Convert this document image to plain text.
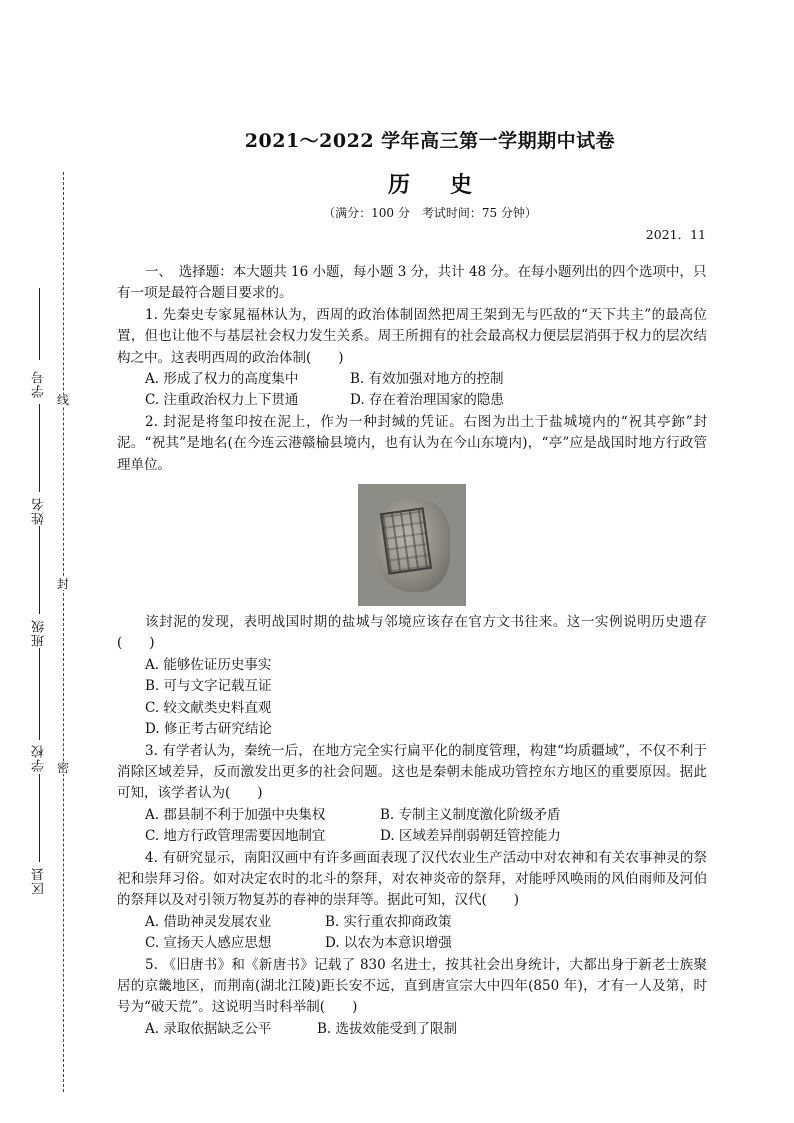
线
封
密
学号
姓名
班级
学校
区县
2021～2022 学年高三第一学期期中试卷
历史
（满分：100 分　考试时间：75 分钟）
2021．11

一、　选择题：本大题共 16 小题，每小题 3 分，共计 48 分。在每小题列出的四个选项中，只有一项是最符合题目要求的。

1. 先秦史专家晁福林认为，西周的政治体制固然把周王架到无与匹敌的“天下共主”的最高位置，但也让他不与基层社会权力发生关系。周王所拥有的社会最高权力便层层消弭于权力的层次结构之中。这表明西周的政治体制(　　)

A. 形成了权力的高度集中	B. 有效加强对地方的控制
C. 注重政治权力上下贯通	D. 存在着治理国家的隐患

2. 封泥是将玺印按在泥上，作为一种封缄的凭证。右图为出土于盐城境内的“祝其亭鉨”封泥。“祝其”是地名(在今连云港赣榆县境内，也有认为在今山东境内)，“亭”应是战国时地方行政管理单位。

该封泥的发现，表明战国时期的盐城与邻境应该存在官方文书往来。这一实例说明历史遗存(　　)

A. 能够佐证历史事实

B. 可与文字记载互证

C. 较文献类史料直观

D. 修正考古研究结论

3. 有学者认为，秦统一后，在地方完全实行扁平化的制度管理，构建“均质疆域”，不仅不利于消除区域差异，反而激发出更多的社会问题。这也是秦朝未能成功管控东方地区的重要原因。据此可知，该学者认为(　　)

A. 郡县制不利于加强中央集权	B. 专制主义制度激化阶级矛盾
C. 地方行政管理需要因地制宜	D. 区域差异削弱朝廷管控能力

4. 有研究显示，南阳汉画中有许多画面表现了汉代农业生产活动中对农神和有关农事神灵的祭祀和崇拜习俗。如对决定农时的北斗的祭拜，对农神炎帝的祭拜，对能呼风唤雨的风伯雨师及河伯的祭拜以及对引领万物复苏的春神的崇拜等。据此可知，汉代(　　)

A. 借助神灵发展农业	B. 实行重农抑商政策
C. 宣扬天人感应思想	D. 以农为本意识增强

5. 《旧唐书》和《新唐书》记载了 830 名进士，按其社会出身统计，大都出身于新老士族聚居的京畿地区，而荆南(湖北江陵)距长安不远，直到唐宣宗大中四年(850 年)，才有一人及第，时号为“破天荒”。这说明当时科举制(　　)

A. 录取依据缺乏公平	B. 选拔效能受到了限制
